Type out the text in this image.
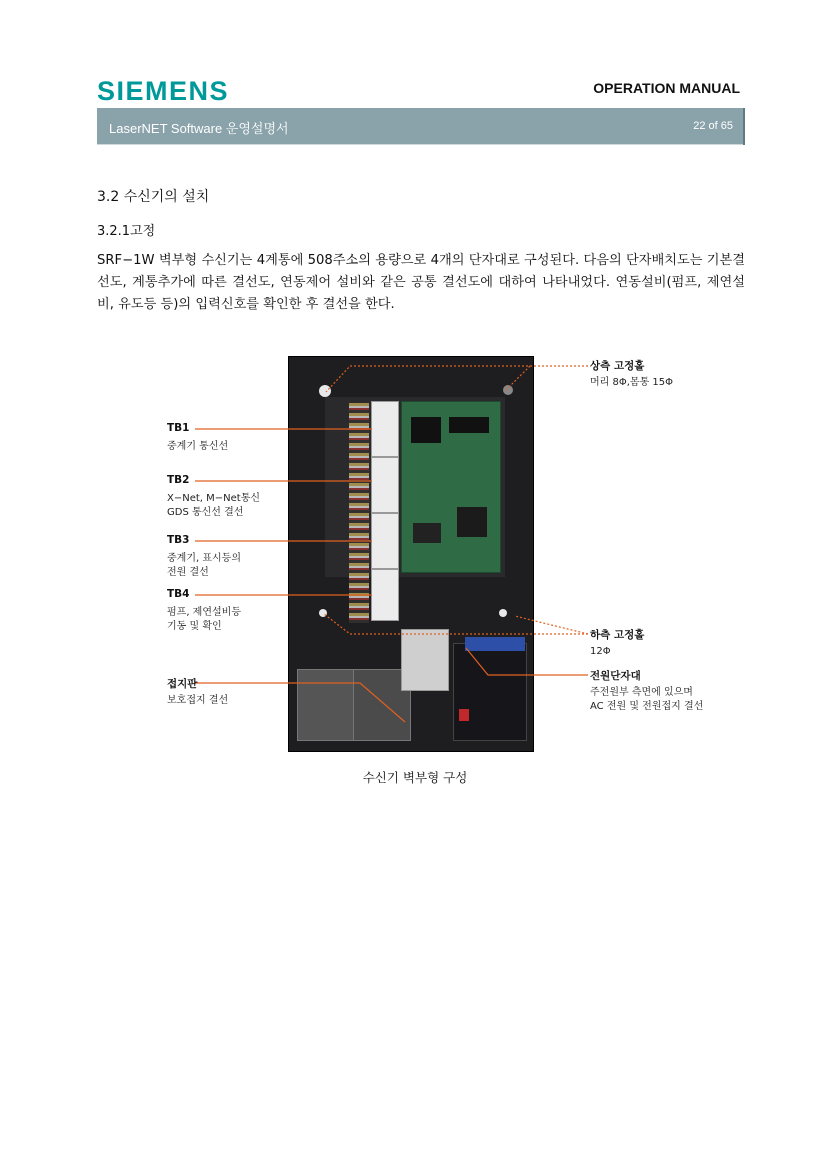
SIEMENS	OPERATION MANUAL
LaserNET Software 운영설명서	22 of 65
3.2 수신기의 설치
3.2.1고정

SRF−1W 벽부형 수신기는 4계통에 508주소의 용량으로 4개의 단자대로 구성된다. 다음의 단자배치도는 기본결선도, 계통추가에 따른 결선도, 연동제어 설비와 같은 공통 결선도에 대하여 나타내었다. 연동설비(펌프, 제연설비, 유도등 등)의 입력신호를 확인한 후 결선을 한다.

TB1
중계기 통신선
TB2
X−Net, M−Net통신
GDS 통신선 결선
TB3
중계기, 표시등의
전원 결선
TB4
펌프, 제연설비등
기동 및 확인
접지판
보호접지 결선
상측 고정홀
머리 8Φ,몸통 15Φ
하측 고정홀
12Φ
전원단자대
주전원부 측면에 있으며
AC 전원 및 전원접지 결선
수신기 벽부형 구성
